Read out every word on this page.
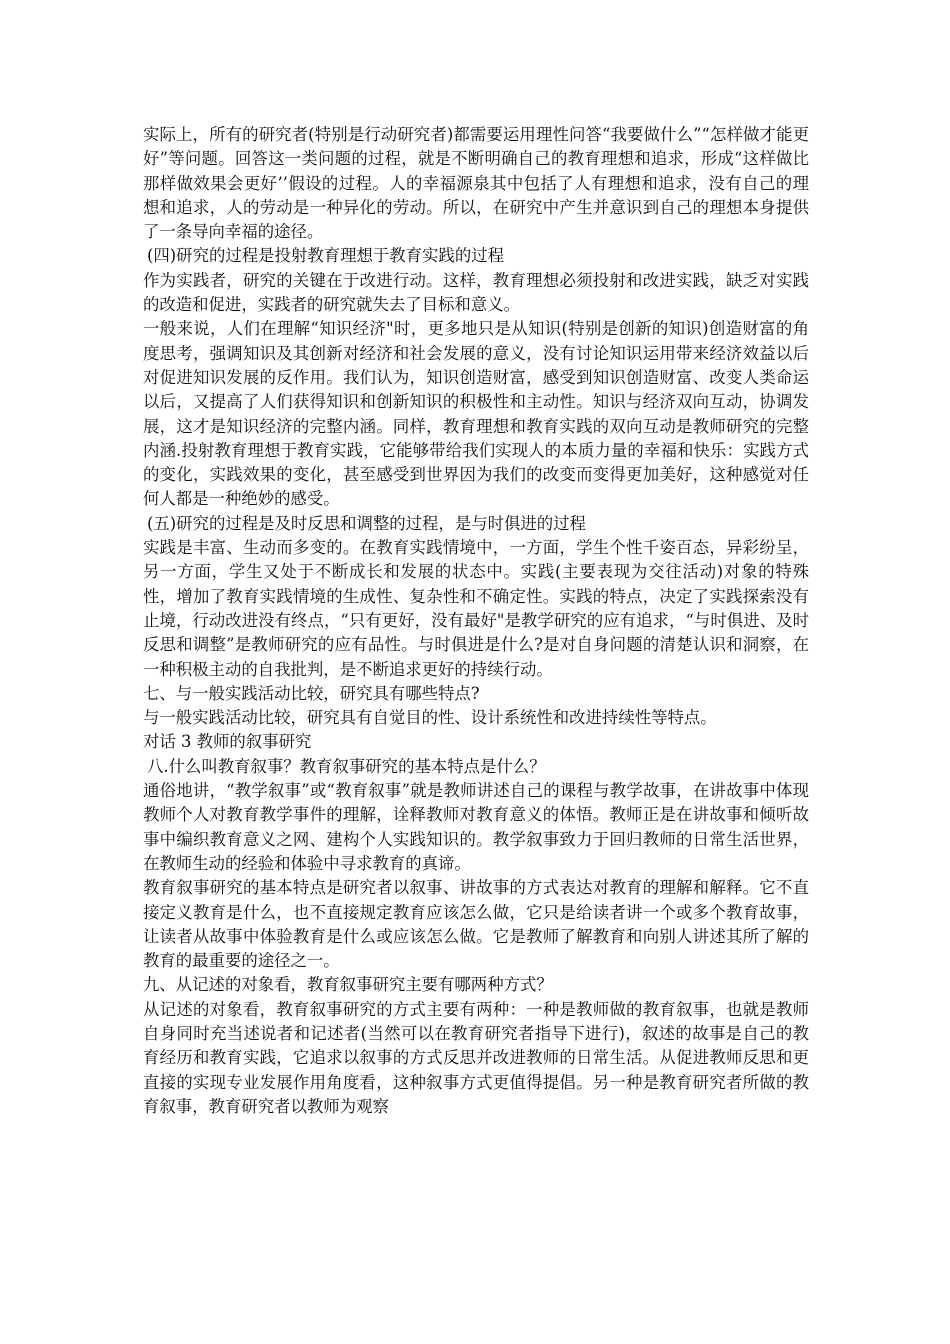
实际上，所有的研究者(特别是行动研究者)都需要运用理性问答“我要做什么”“怎样做才能更好”等问题。回答这一类问题的过程，就是不断明确自己的教育理想和追求，形成“这样做比那样做效果会更好’’假设的过程。人的幸福源泉其中包括了人有理想和追求，没有自己的理想和追求，人的劳动是一种异化的劳动。所以，在研究中产生并意识到自己的理想本身提供了一条导向幸福的途径。

(四)研究的过程是投射教育理想于教育实践的过程

作为实践者，研究的关键在于改进行动。这样，教育理想必须投射和改进实践，缺乏对实践的改造和促进，实践者的研究就失去了目标和意义。

一般来说，人们在理解“知识经济"时，更多地只是从知识(特别是创新的知识)创造财富的角度思考，强调知识及其创新对经济和社会发展的意义，没有讨论知识运用带来经济效益以后对促进知识发展的反作用。我们认为，知识创造财富，感受到知识创造财富、改变人类命运以后，又提高了人们获得知识和创新知识的积极性和主动性。知识与经济双向互动，协调发展，这才是知识经济的完整内涵。同样，教育理想和教育实践的双向互动是教师研究的完整内涵.投射教育理想于教育实践，它能够带给我们实现人的本质力量的幸福和快乐：实践方式的变化，实践效果的变化，甚至感受到世界因为我们的改变而变得更加美好，这种感觉对任何人都是一种绝妙的感受。

(五)研究的过程是及时反思和调整的过程，是与时俱进的过程

实践是丰富、生动而多变的。在教育实践情境中，一方面，学生个性千姿百态，异彩纷呈，另一方面，学生又处于不断成长和发展的状态中。实践(主要表现为交往活动)对象的特殊性，增加了教育实践情境的生成性、复杂性和不确定性。实践的特点，决定了实践探索没有止境，行动改进没有终点，“只有更好，没有最好"是教学研究的应有追求，“与时俱进、及时反思和调整”是教师研究的应有品性。与时俱进是什么?是对自身问题的清楚认识和洞察，在一种积极主动的自我批判，是不断追求更好的持续行动。

七、与一般实践活动比较，研究具有哪些特点?

与一般实践活动比较，研究具有自觉目的性、设计系统性和改进持续性等特点。

对话 3 教师的叙事研究

八.什么叫教育叙事？教育叙事研究的基本特点是什么？

通俗地讲，“教学叙事”或“教育叙事”就是教师讲述自己的课程与教学故事，在讲故事中体现教师个人对教育教学事件的理解，诠释教师对教育意义的体悟。教师正是在讲故事和倾听故事中编织教育意义之网、建构个人实践知识的。教学叙事致力于回归教师的日常生活世界，在教师生动的经验和体验中寻求教育的真谛。

教育叙事研究的基本特点是研究者以叙事、讲故事的方式表达对教育的理解和解释。它不直接定义教育是什么，也不直接规定教育应该怎么做，它只是给读者讲一个或多个教育故事，让读者从故事中体验教育是什么或应该怎么做。它是教师了解教育和向别人讲述其所了解的教育的最重要的途径之一。

九、从记述的对象看，教育叙事研究主要有哪两种方式？

从记述的对象看，教育叙事研究的方式主要有两种：一种是教师做的教育叙事，也就是教师自身同时充当述说者和记述者(当然可以在教育研究者指导下进行)，叙述的故事是自己的教育经历和教育实践，它追求以叙事的方式反思并改进教师的日常生活。从促进教师反思和更直接的实现专业发展作用角度看，这种叙事方式更值得提倡。另一种是教育研究者所做的教育叙事，教育研究者以教师为观察
